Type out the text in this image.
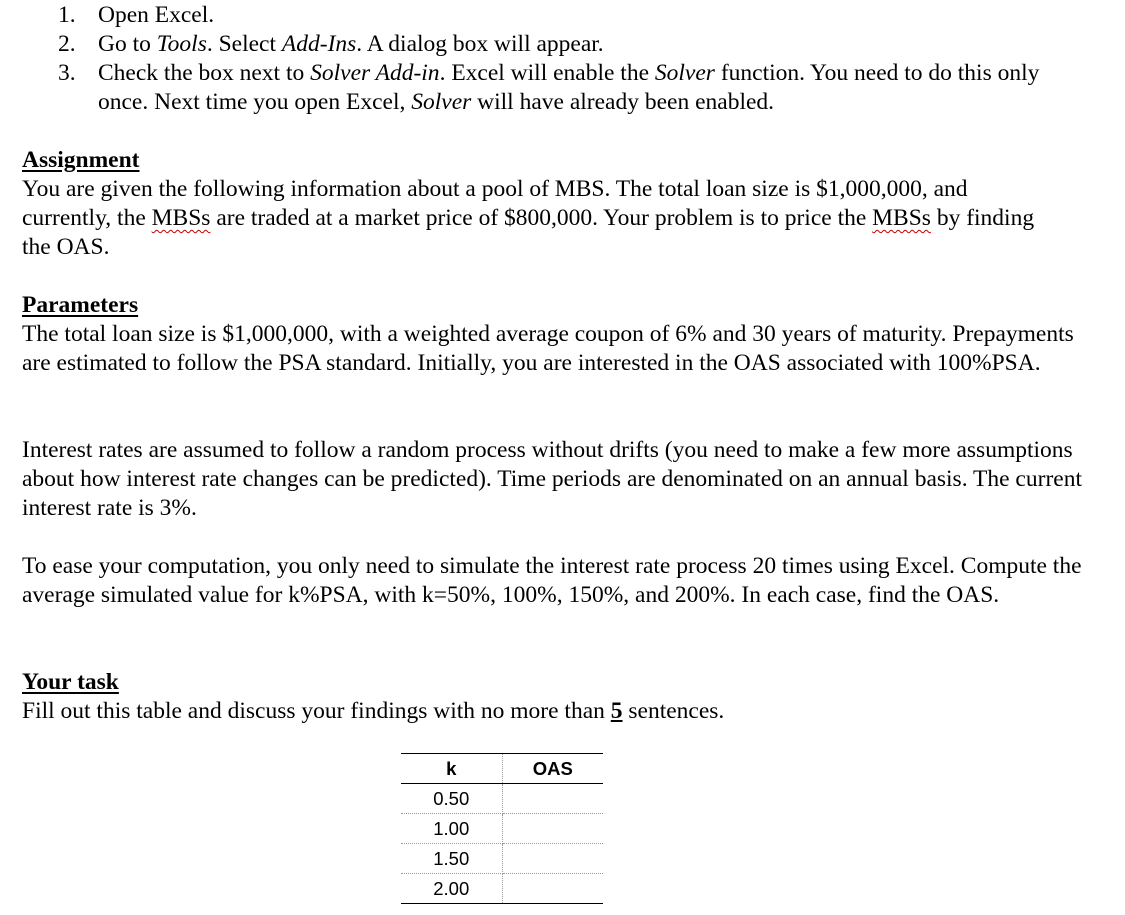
1. Open Excel.
2. Go to Tools. Select Add-Ins. A dialog box will appear.
3. Check the box next to Solver Add-in. Excel will enable the Solver function. You need to do this only once. Next time you open Excel, Solver will have already been enabled.
Assignment
You are given the following information about a pool of MBS. The total loan size is $1,000,000, and currently, the MBSs are traded at a market price of $800,000. Your problem is to price the MBSs by finding the OAS.
Parameters
The total loan size is $1,000,000, with a weighted average coupon of 6% and 30 years of maturity. Prepayments are estimated to follow the PSA standard. Initially, you are interested in the OAS associated with 100%PSA.
Interest rates are assumed to follow a random process without drifts (you need to make a few more assumptions about how interest rate changes can be predicted). Time periods are denominated on an annual basis. The current interest rate is 3%.
To ease your computation, you only need to simulate the interest rate process 20 times using Excel. Compute the average simulated value for k%PSA, with k=50%, 100%, 150%, and 200%. In each case, find the OAS.
Your task
Fill out this table and discuss your findings with no more than 5 sentences.
k	OAS
0.50	
1.00	
1.50	
2.00	
